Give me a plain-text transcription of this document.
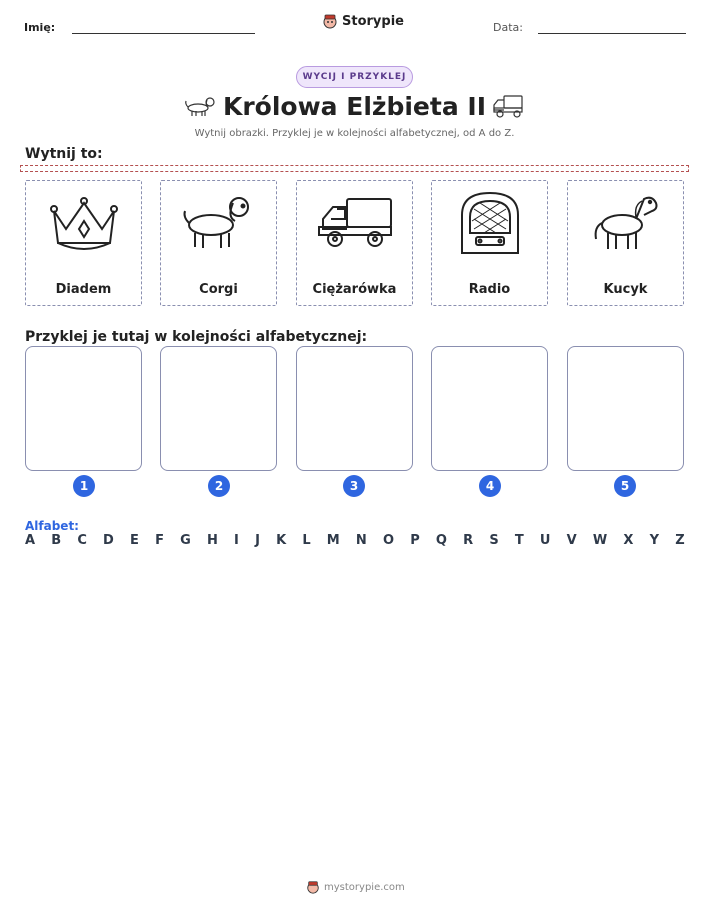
Imię:	Storypie	Data:
WYCIJ I PRZYKLEJ
Królowa Elżbieta II
Wytnij obrazki. Przyklej je w kolejności alfabetycznej, od A do Z.
Wytnij to:
Diadem	Corgi	Ciężarówka	Radio	Kucyk
Przyklej je tutaj w kolejności alfabetycznej:
1	2	3	4	5
Alfabet:
A B C D E F G H I J K L M N O P Q R S T U V W X Y Z
mystorypie.com
